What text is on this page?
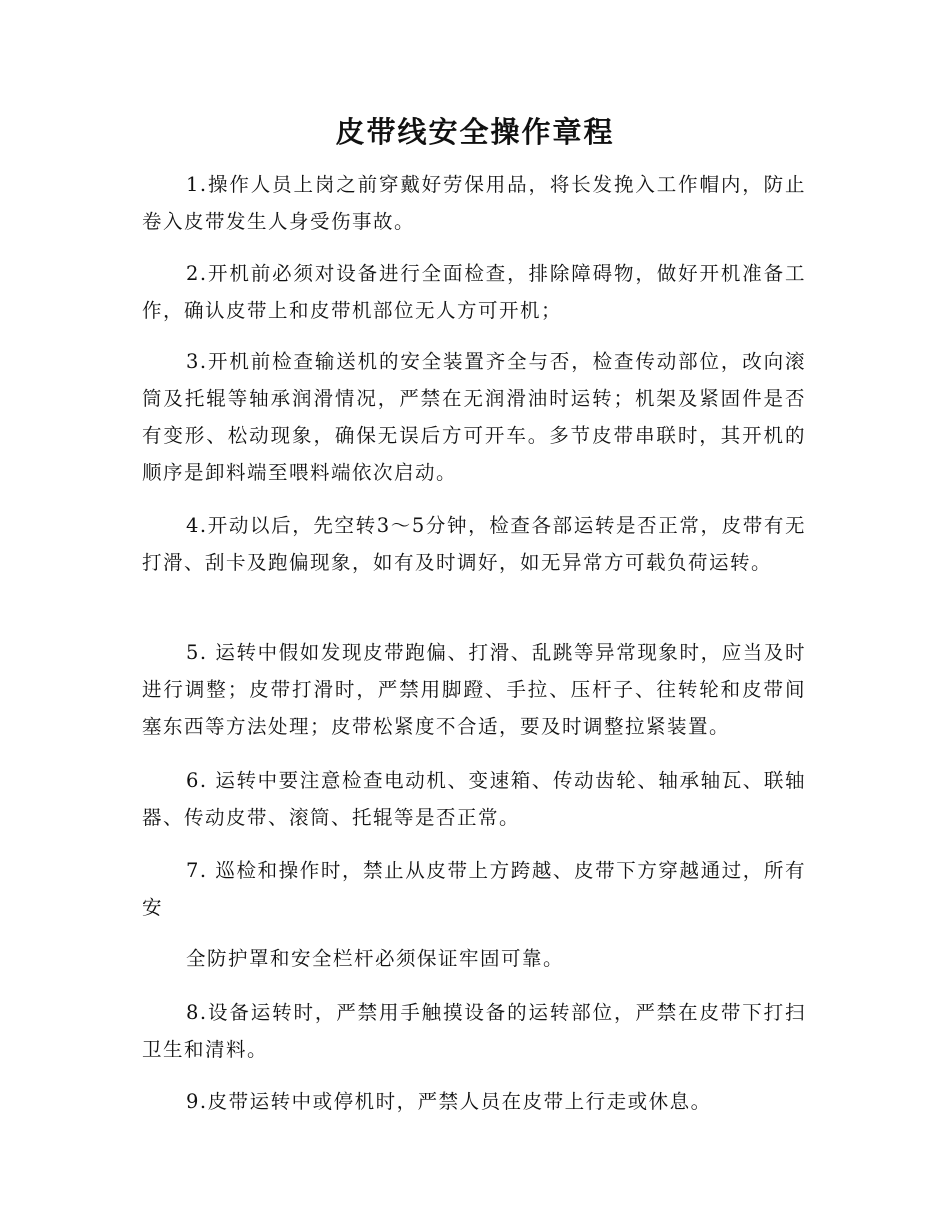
皮带线安全操作章程

1.操作人员上岗之前穿戴好劳保用品，将长发挽入工作帽内，防止卷入皮带发生人身受伤事故。

2.开机前必须对设备进行全面检查，排除障碍物，做好开机准备工作，确认皮带上和皮带机部位无人方可开机；

3.开机前检查输送机的安全装置齐全与否，检查传动部位，改向滚筒及托辊等轴承润滑情况，严禁在无润滑油时运转；机架及紧固件是否有变形、松动现象，确保无误后方可开车。多节皮带串联时，其开机的顺序是卸料端至喂料端依次启动。

4.开动以后，先空转3～5分钟，检查各部运转是否正常，皮带有无打滑、刮卡及跑偏现象，如有及时调好，如无异常方可载负荷运转。

5. 运转中假如发现皮带跑偏、打滑、乱跳等异常现象时，应当及时进行调整；皮带打滑时，严禁用脚蹬、手拉、压杆子、往转轮和皮带间塞东西等方法处理；皮带松紧度不合适，要及时调整拉紧装置。

6. 运转中要注意检查电动机、变速箱、传动齿轮、轴承轴瓦、联轴器、传动皮带、滚筒、托辊等是否正常。

7. 巡检和操作时，禁止从皮带上方跨越、皮带下方穿越通过，所有安

全防护罩和安全栏杆必须保证牢固可靠。

8.设备运转时，严禁用手触摸设备的运转部位，严禁在皮带下打扫卫生和清料。

9.皮带运转中或停机时，严禁人员在皮带上行走或休息。
